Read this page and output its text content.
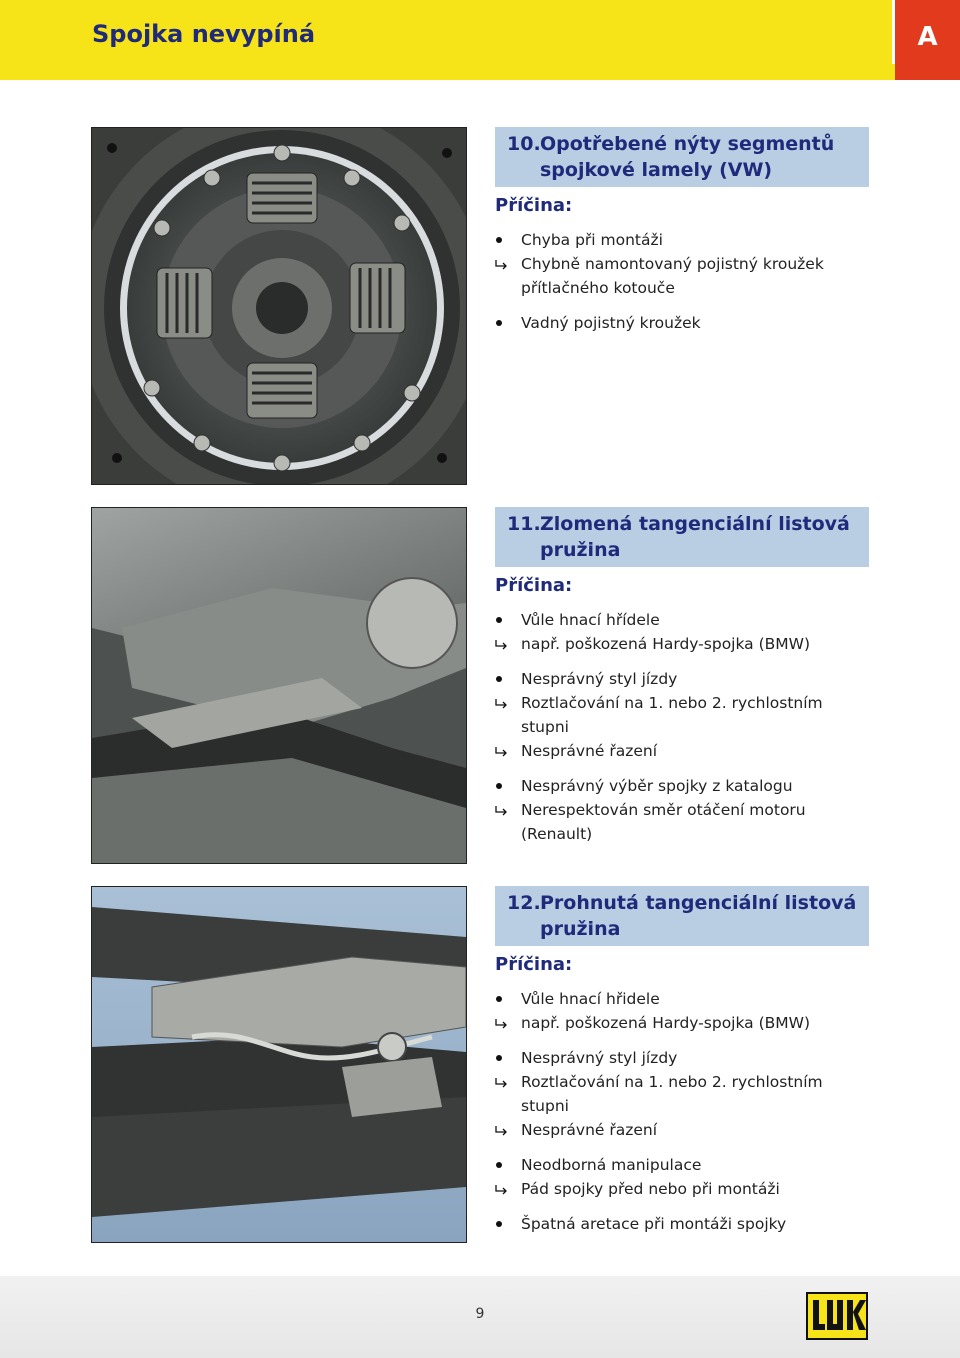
Spojka nevypíná	A
10. Opotřebené nýty segmentů spojkové lamely (VW)
Příčina:
Chyba při montáži
Chybně namontovaný pojistný kroužek přítlačného kotouče
Vadný pojistný kroužek
11. Zlomená tangenciální listová pružina
Příčina:
Vůle hnací hřídele
např. poškozená Hardy-spojka (BMW)
Nesprávný styl jízdy
Roztlačování na 1. nebo 2. rychlostním stupni
Nesprávné řazení
Nesprávný výběr spojky z katalogu
Nerespektován směr otáčení motoru (Renault)
12. Prohnutá tangenciální listová pružina
Příčina:
Vůle hnací hřidele
např. poškozená Hardy-spojka (BMW)
Nesprávný styl jízdy
Roztlačování na 1. nebo 2. rychlostním stupni
Nesprávné řazení
Neodborná manipulace
Pád spojky před nebo při montáži
Špatná aretace při montáži spojky
9
